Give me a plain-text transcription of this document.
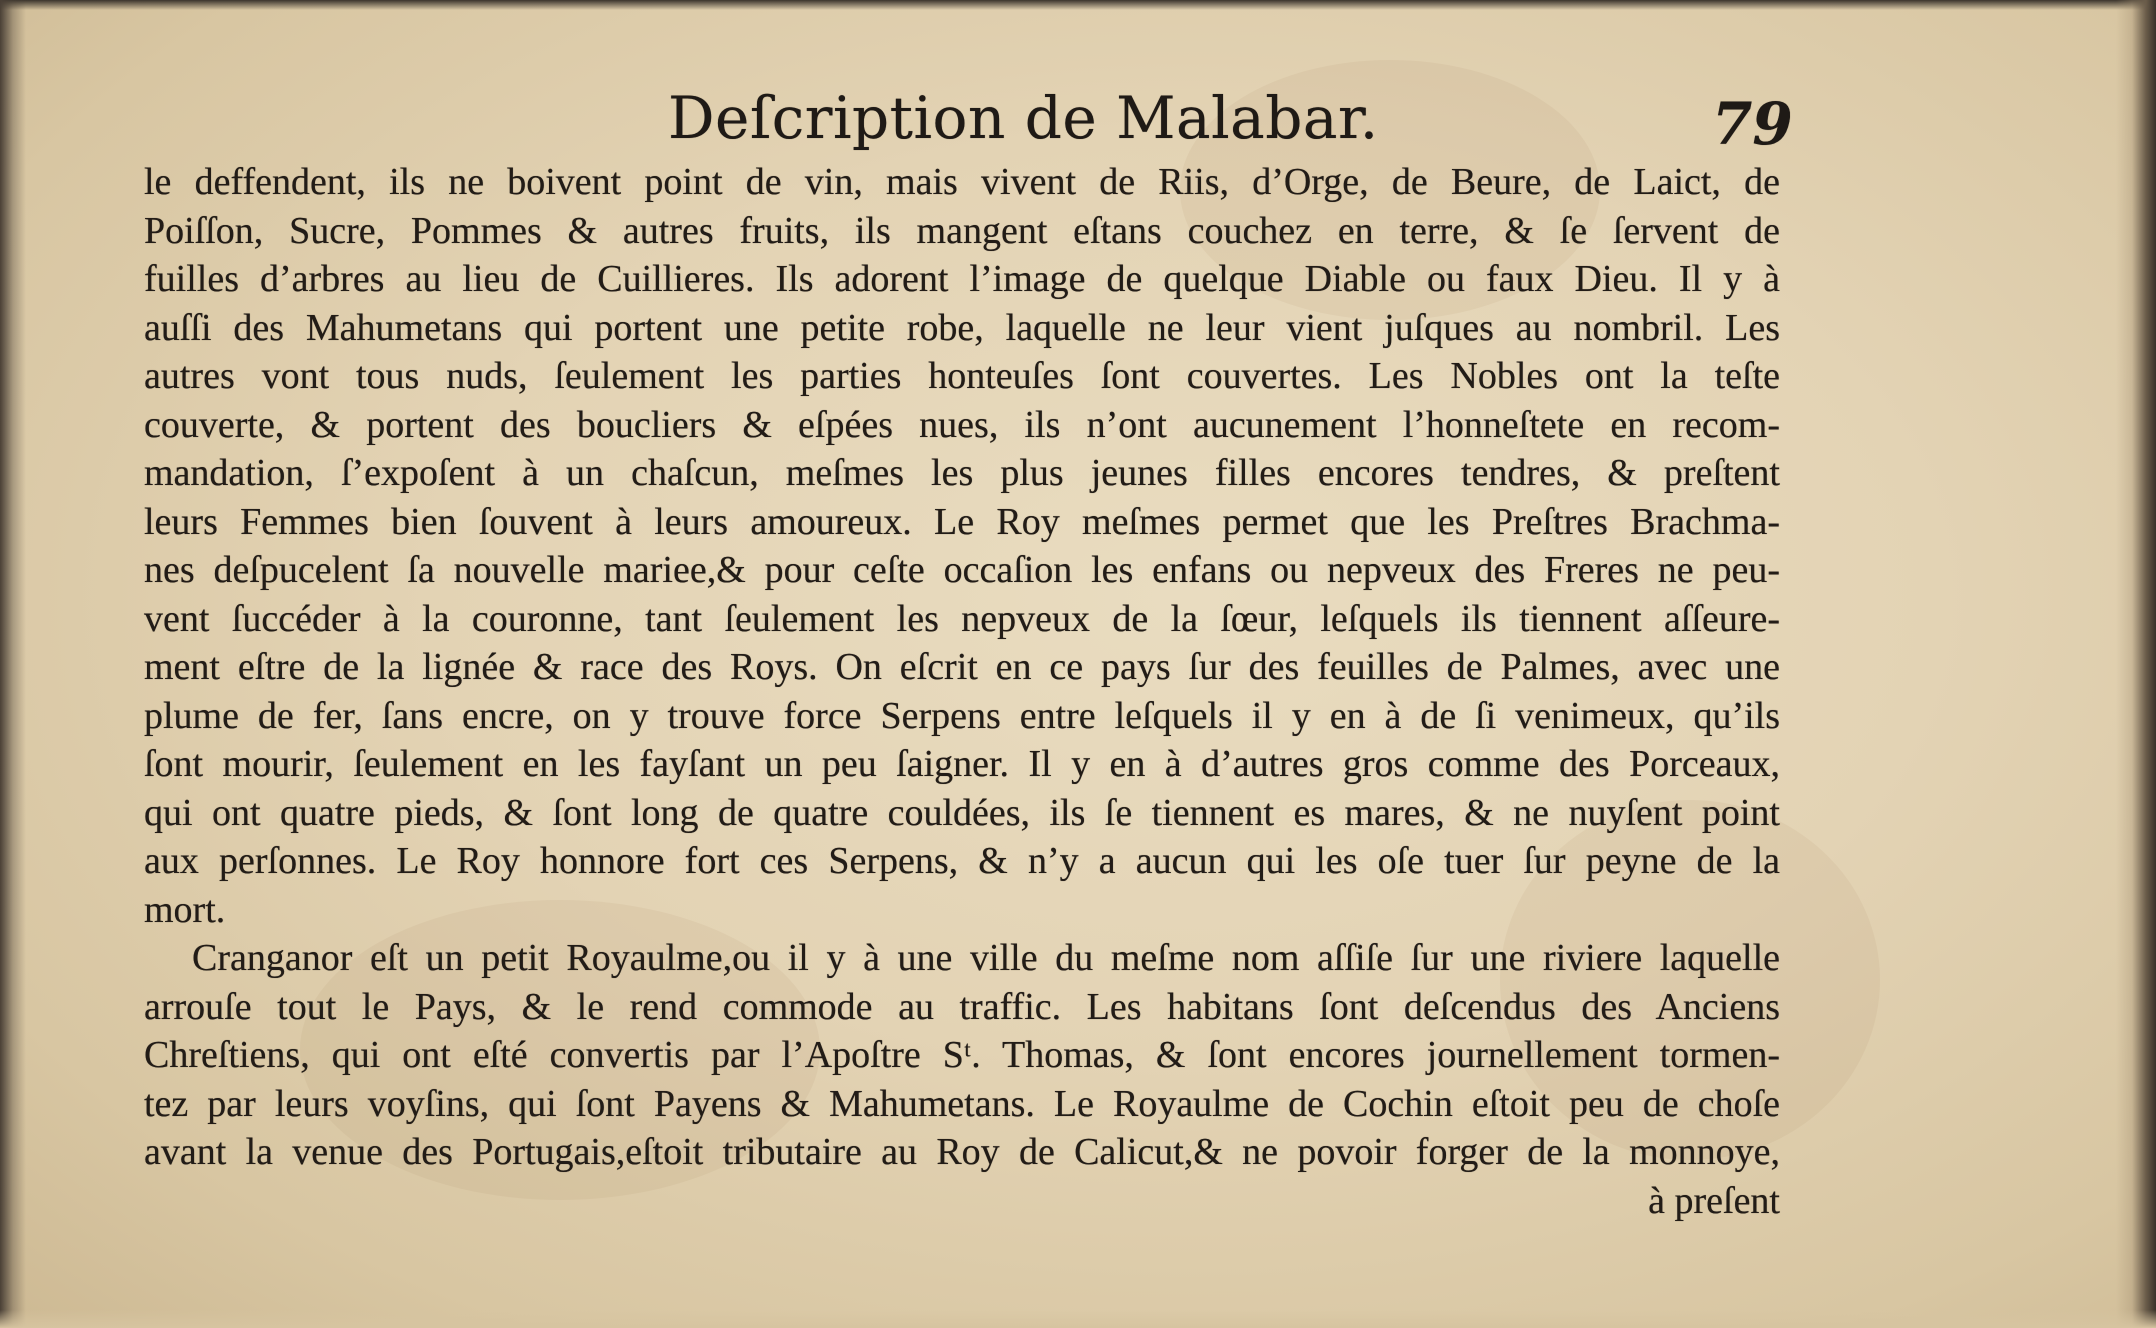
Deſcription de Malabar.	79
le deffendent, ils ne boivent point de vin, mais vivent de Riis, d’Orge, de Beure, de Laict, de
Poiſſon, Sucre, Pommes & autres fruits, ils mangent eſtans couchez en terre, & ſe ſervent de
fuilles d’arbres au lieu de Cuillieres. Ils adorent l’image de quelque Diable ou faux Dieu. Il y à
auſſi des Mahumetans qui portent une petite robe, laquelle ne leur vient juſques au nombril. Les
autres vont tous nuds, ſeulement les parties honteuſes ſont couvertes. Les Nobles ont la teſte
couverte, & portent des boucliers & eſpées nues, ils n’ont aucunement l’honneſtete en recom-
mandation, ſ’expoſent à un chaſcun, meſmes les plus jeunes filles encores tendres, & preſtent
leurs Femmes bien ſouvent à leurs amoureux. Le Roy meſmes permet que les Preſtres Brachma-
nes deſpucelent ſa nouvelle mariee,& pour ceſte occaſion les enfans ou nepveux des Freres ne peu-
vent ſuccéder à la couronne, tant ſeulement les nepveux de la ſœur, leſquels ils tiennent aſſeure-
ment eſtre de la lignée & race des Roys. On eſcrit en ce pays ſur des feuilles de Palmes, avec une
plume de fer, ſans encre, on y trouve force Serpens entre leſquels il y en à de ſi venimeux, qu’ils
ſont mourir, ſeulement en les fayſant un peu ſaigner. Il y en à d’autres gros comme des Porceaux,
qui ont quatre pieds, & ſont long de quatre couldées, ils ſe tiennent es mares, & ne nuyſent point
aux perſonnes. Le Roy honnore fort ces Serpens, & n’y a aucun qui les oſe tuer ſur peyne de la
mort.
Cranganor eſt un petit Royaulme,ou il y à une ville du meſme nom aſſiſe ſur une riviere laquelle
arrouſe tout le Pays, & le rend commode au traffic. Les habitans ſont deſcendus des Anciens
Chreſtiens, qui ont eſté convertis par l’Apoſtre Sᵗ. Thomas, & ſont encores journellement tormen-
tez par leurs voyſins, qui ſont Payens & Mahumetans. Le Royaulme de Cochin eſtoit peu de choſe
avant la venue des Portugais,eſtoit tributaire au Roy de Calicut,& ne povoir forger de la monnoye,
à preſent
